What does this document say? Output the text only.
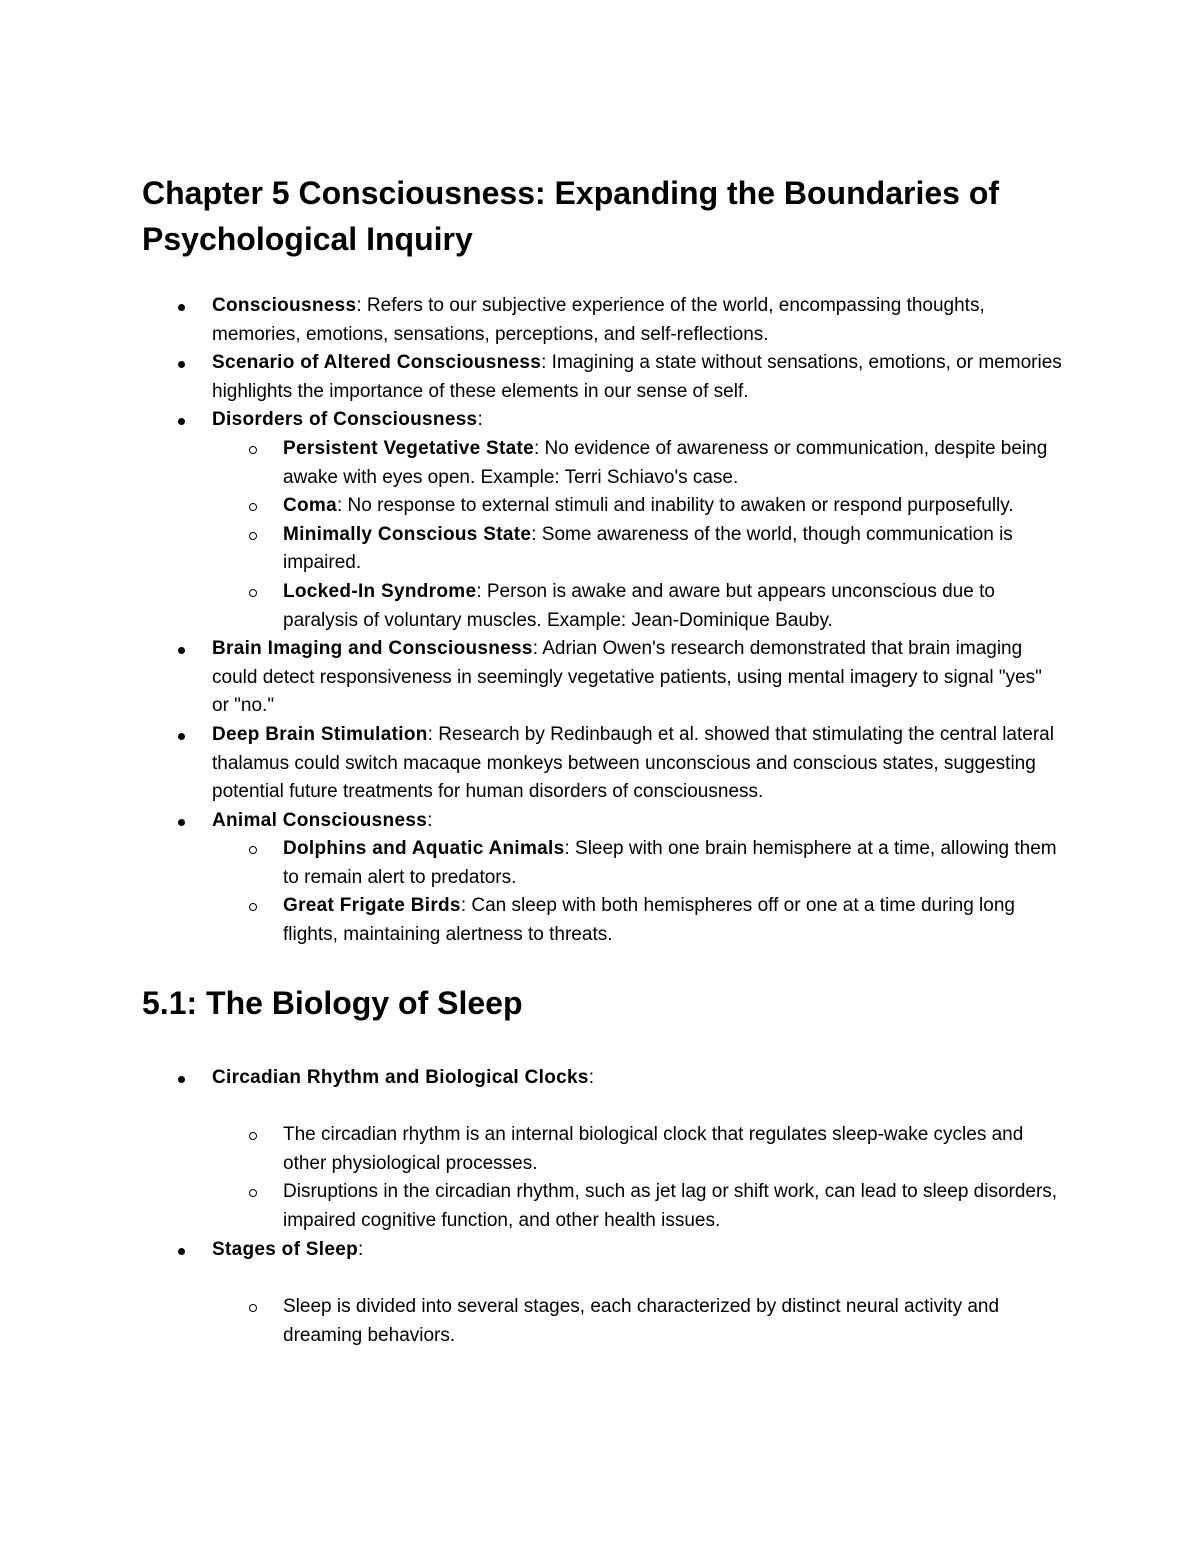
Chapter 5 Consciousness: Expanding the Boundaries of Psychological Inquiry
Consciousness: Refers to our subjective experience of the world, encompassing thoughts, memories, emotions, sensations, perceptions, and self-reflections.
Scenario of Altered Consciousness: Imagining a state without sensations, emotions, or memories highlights the importance of these elements in our sense of self.
Disorders of Consciousness:
Persistent Vegetative State: No evidence of awareness or communication, despite being awake with eyes open. Example: Terri Schiavo's case.
Coma: No response to external stimuli and inability to awaken or respond purposefully.
Minimally Conscious State: Some awareness of the world, though communication is impaired.
Locked-In Syndrome: Person is awake and aware but appears unconscious due to paralysis of voluntary muscles. Example: Jean-Dominique Bauby.
Brain Imaging and Consciousness: Adrian Owen's research demonstrated that brain imaging could detect responsiveness in seemingly vegetative patients, using mental imagery to signal "yes" or "no."
Deep Brain Stimulation: Research by Redinbaugh et al. showed that stimulating the central lateral thalamus could switch macaque monkeys between unconscious and conscious states, suggesting potential future treatments for human disorders of consciousness.
Animal Consciousness:
Dolphins and Aquatic Animals: Sleep with one brain hemisphere at a time, allowing them to remain alert to predators.
Great Frigate Birds: Can sleep with both hemispheres off or one at a time during long flights, maintaining alertness to threats.
5.1: The Biology of Sleep
Circadian Rhythm and Biological Clocks:
The circadian rhythm is an internal biological clock that regulates sleep-wake cycles and other physiological processes.
Disruptions in the circadian rhythm, such as jet lag or shift work, can lead to sleep disorders, impaired cognitive function, and other health issues.
Stages of Sleep:
Sleep is divided into several stages, each characterized by distinct neural activity and dreaming behaviors.
